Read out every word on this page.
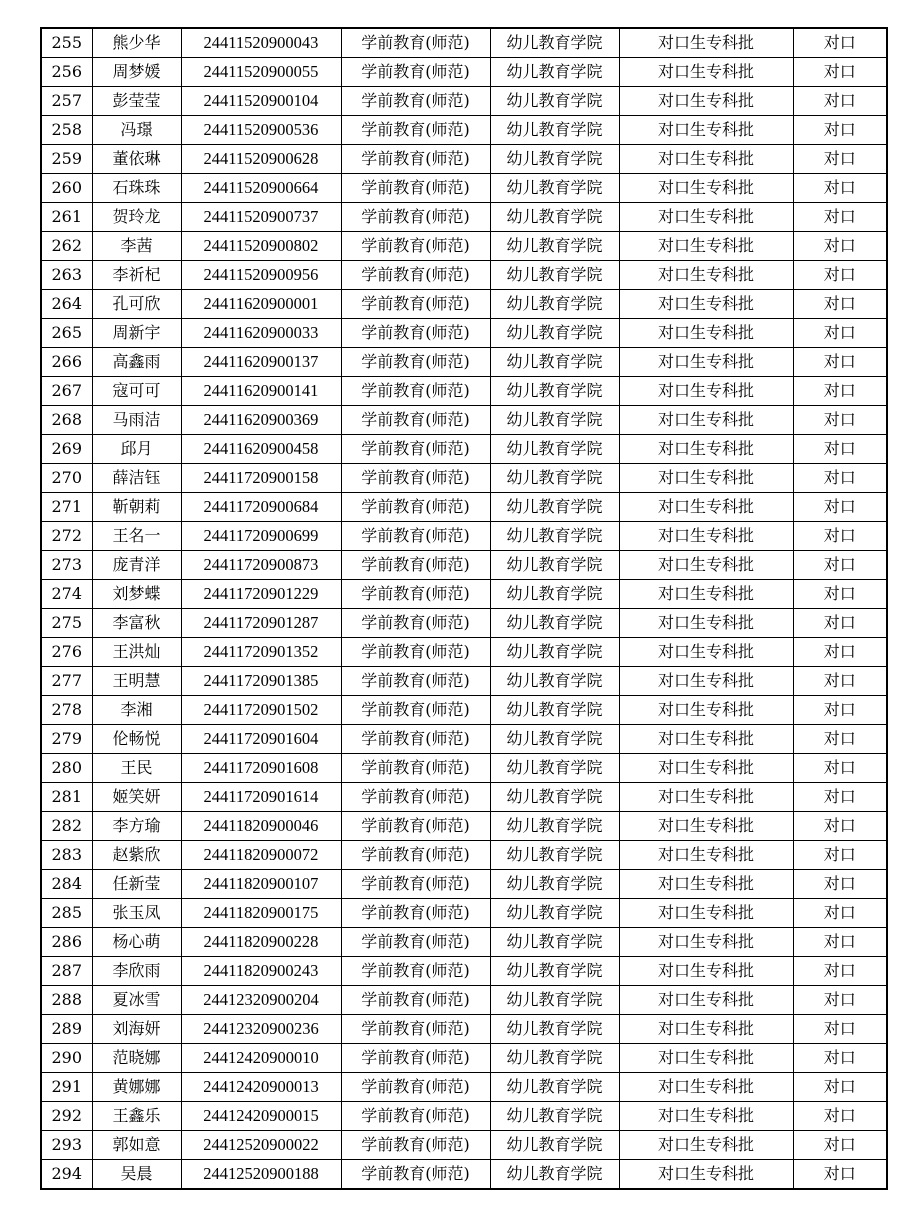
255	熊少华	24411520900043	学前教育(师范)	幼儿教育学院	对口生专科批	对口
256	周梦媛	24411520900055	学前教育(师范)	幼儿教育学院	对口生专科批	对口
257	彭莹莹	24411520900104	学前教育(师范)	幼儿教育学院	对口生专科批	对口
258	冯璟	24411520900536	学前教育(师范)	幼儿教育学院	对口生专科批	对口
259	董依琳	24411520900628	学前教育(师范)	幼儿教育学院	对口生专科批	对口
260	石珠珠	24411520900664	学前教育(师范)	幼儿教育学院	对口生专科批	对口
261	贺玲龙	24411520900737	学前教育(师范)	幼儿教育学院	对口生专科批	对口
262	李茜	24411520900802	学前教育(师范)	幼儿教育学院	对口生专科批	对口
263	李祈杞	24411520900956	学前教育(师范)	幼儿教育学院	对口生专科批	对口
264	孔可欣	24411620900001	学前教育(师范)	幼儿教育学院	对口生专科批	对口
265	周新宇	24411620900033	学前教育(师范)	幼儿教育学院	对口生专科批	对口
266	高鑫雨	24411620900137	学前教育(师范)	幼儿教育学院	对口生专科批	对口
267	寇可可	24411620900141	学前教育(师范)	幼儿教育学院	对口生专科批	对口
268	马雨洁	24411620900369	学前教育(师范)	幼儿教育学院	对口生专科批	对口
269	邱月	24411620900458	学前教育(师范)	幼儿教育学院	对口生专科批	对口
270	薛洁钰	24411720900158	学前教育(师范)	幼儿教育学院	对口生专科批	对口
271	靳朝莉	24411720900684	学前教育(师范)	幼儿教育学院	对口生专科批	对口
272	王名一	24411720900699	学前教育(师范)	幼儿教育学院	对口生专科批	对口
273	庞青洋	24411720900873	学前教育(师范)	幼儿教育学院	对口生专科批	对口
274	刘梦蝶	24411720901229	学前教育(师范)	幼儿教育学院	对口生专科批	对口
275	李富秋	24411720901287	学前教育(师范)	幼儿教育学院	对口生专科批	对口
276	王洪灿	24411720901352	学前教育(师范)	幼儿教育学院	对口生专科批	对口
277	王明慧	24411720901385	学前教育(师范)	幼儿教育学院	对口生专科批	对口
278	李湘	24411720901502	学前教育(师范)	幼儿教育学院	对口生专科批	对口
279	伦畅悦	24411720901604	学前教育(师范)	幼儿教育学院	对口生专科批	对口
280	王民	24411720901608	学前教育(师范)	幼儿教育学院	对口生专科批	对口
281	姬笑妍	24411720901614	学前教育(师范)	幼儿教育学院	对口生专科批	对口
282	李方瑜	24411820900046	学前教育(师范)	幼儿教育学院	对口生专科批	对口
283	赵紫欣	24411820900072	学前教育(师范)	幼儿教育学院	对口生专科批	对口
284	任新莹	24411820900107	学前教育(师范)	幼儿教育学院	对口生专科批	对口
285	张玉凤	24411820900175	学前教育(师范)	幼儿教育学院	对口生专科批	对口
286	杨心萌	24411820900228	学前教育(师范)	幼儿教育学院	对口生专科批	对口
287	李欣雨	24411820900243	学前教育(师范)	幼儿教育学院	对口生专科批	对口
288	夏冰雪	24412320900204	学前教育(师范)	幼儿教育学院	对口生专科批	对口
289	刘海妍	24412320900236	学前教育(师范)	幼儿教育学院	对口生专科批	对口
290	范晓娜	24412420900010	学前教育(师范)	幼儿教育学院	对口生专科批	对口
291	黄娜娜	24412420900013	学前教育(师范)	幼儿教育学院	对口生专科批	对口
292	王鑫乐	24412420900015	学前教育(师范)	幼儿教育学院	对口生专科批	对口
293	郭如意	24412520900022	学前教育(师范)	幼儿教育学院	对口生专科批	对口
294	吴晨	24412520900188	学前教育(师范)	幼儿教育学院	对口生专科批	对口
